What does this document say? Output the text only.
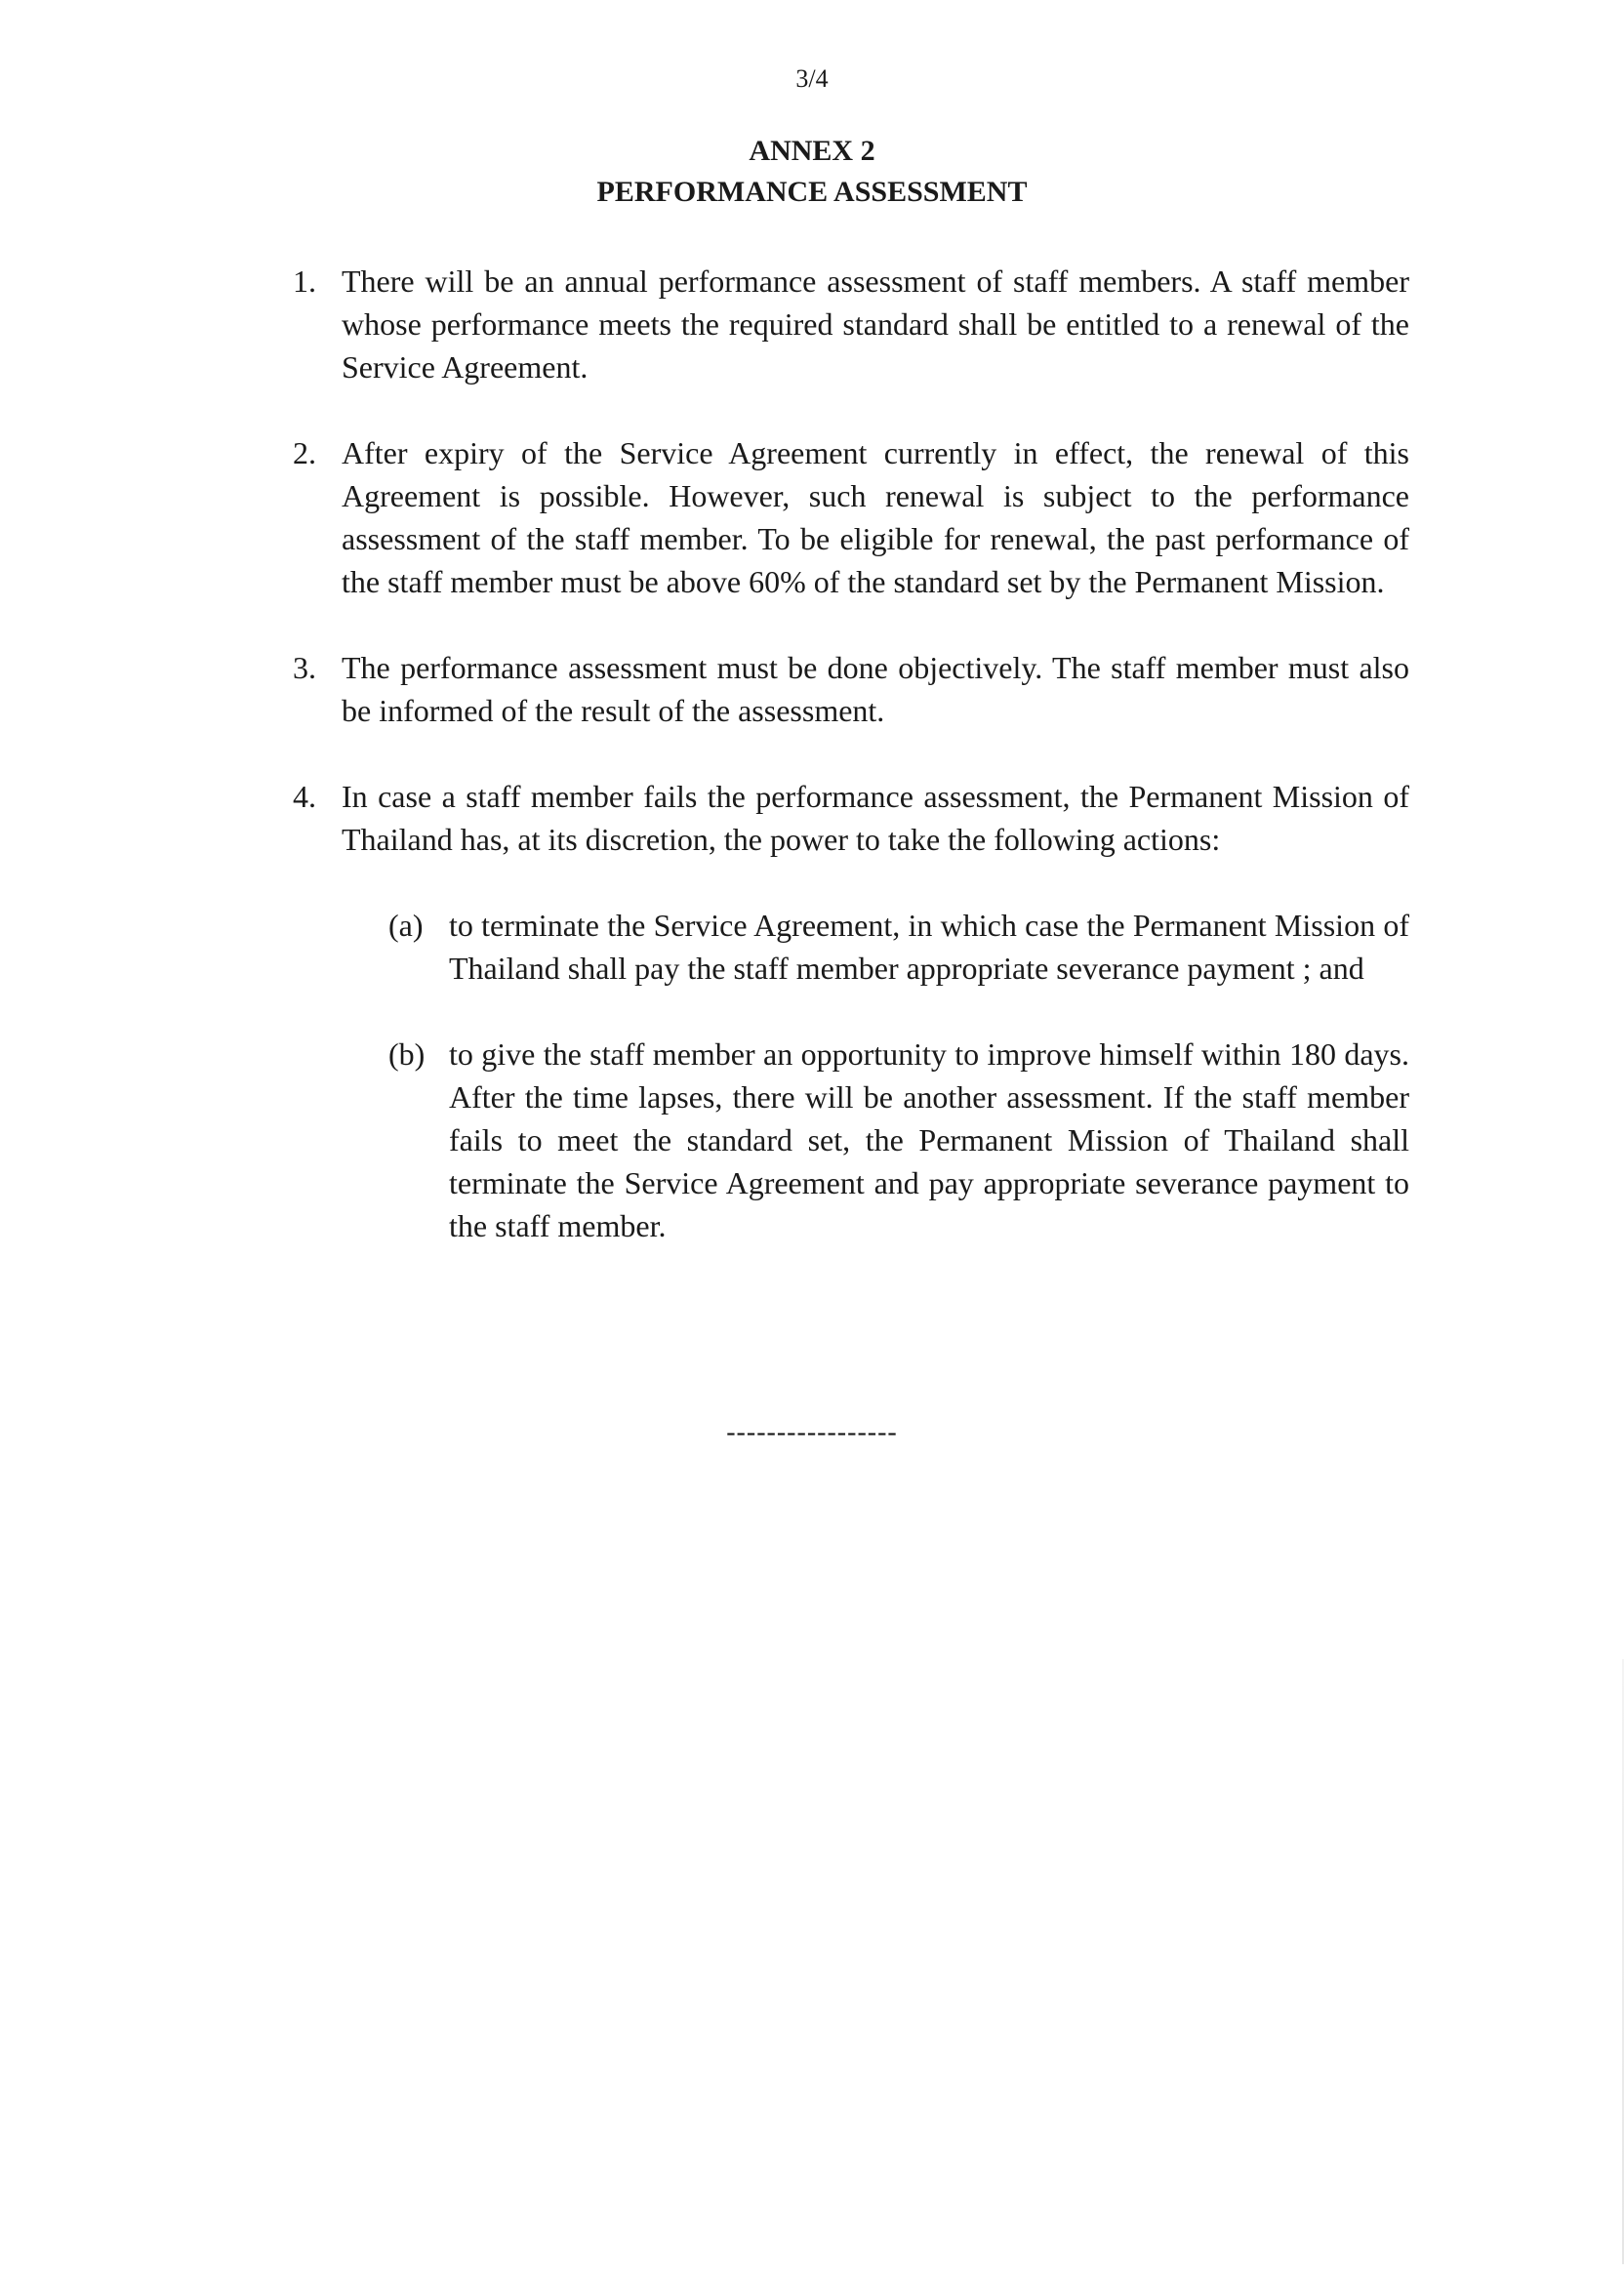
3/4
ANNEX 2
PERFORMANCE ASSESSMENT
1. There will be an annual performance assessment of staff members. A staff member whose performance meets the required standard shall be entitled to a renewal of the Service Agreement.
2. After expiry of the Service Agreement currently in effect, the renewal of this Agreement is possible. However, such renewal is subject to the performance assessment of the staff member. To be eligible for renewal, the past performance of the staff member must be above 60% of the standard set by the Permanent Mission.
3. The performance assessment must be done objectively. The staff member must also be informed of the result of the assessment.
4. In case a staff member fails the performance assessment, the Permanent Mission of Thailand has, at its discretion, the power to take the following actions:
(a) to terminate the Service Agreement, in which case the Permanent Mission of Thailand shall pay the staff member appropriate severance payment ; and
(b) to give the staff member an opportunity to improve himself within 180 days. After the time lapses, there will be another assessment. If the staff member fails to meet the standard set, the Permanent Mission of Thailand shall terminate the Service Agreement and pay appropriate severance payment to the staff member.
-----------------
